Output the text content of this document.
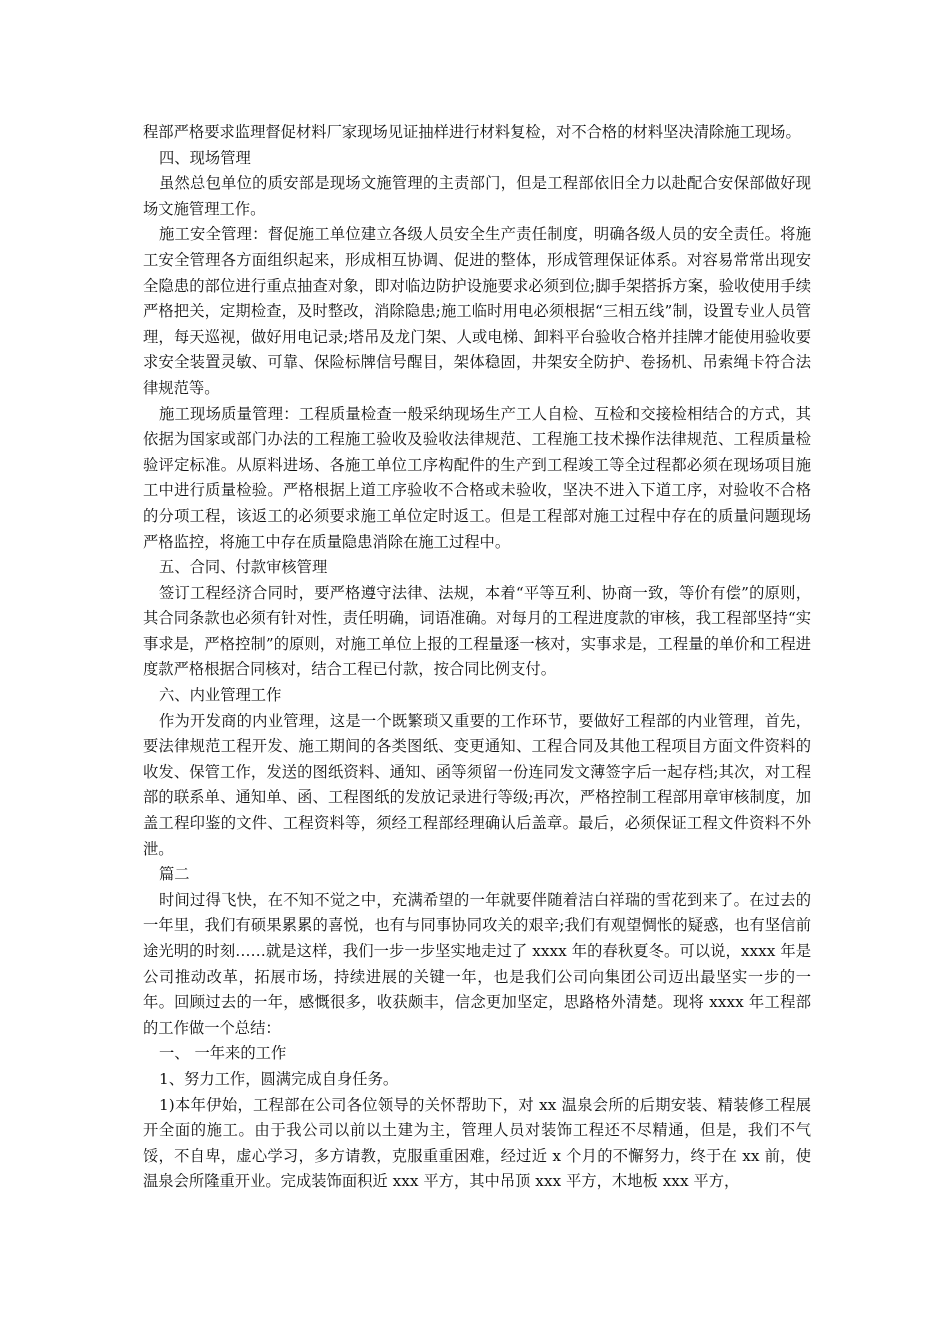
程部严格要求监理督促材料厂家现场见证抽样进行材料复检，对不合格的材料坚决清除施工现场。

四、现场管理

虽然总包单位的质安部是现场文施管理的主责部门，但是工程部依旧全力以赴配合安保部做好现场文施管理工作。

施工安全管理：督促施工单位建立各级人员安全生产责任制度，明确各级人员的安全责任。将施工安全管理各方面组织起来，形成相互协调、促进的整体，形成管理保证体系。对容易常常出现安全隐患的部位进行重点抽查对象，即对临边防护设施要求必须到位;脚手架搭拆方案，验收使用手续严格把关，定期检查，及时整改，消除隐患;施工临时用电必须根据“三相五线”制，设置专业人员管理，每天巡视，做好用电记录;塔吊及龙门架、人或电梯、卸料平台验收合格并挂牌才能使用验收要求安全装置灵敏、可靠、保险标牌信号醒目，架体稳固，井架安全防护、卷扬机、吊索绳卡符合法律规范等。

施工现场质量管理：工程质量检查一般采纳现场生产工人自检、互检和交接检相结合的方式，其依据为国家或部门办法的工程施工验收及验收法律规范、工程施工技术操作法律规范、工程质量检验评定标准。从原料进场、各施工单位工序构配件的生产到工程竣工等全过程都必须在现场项目施工中进行质量检验。严格根据上道工序验收不合格或未验收，坚决不进入下道工序，对验收不合格的分项工程，该返工的必须要求施工单位定时返工。但是工程部对施工过程中存在的质量问题现场严格监控，将施工中存在质量隐患消除在施工过程中。

五、合同、付款审核管理

签订工程经济合同时，要严格遵守法律、法规，本着“平等互利、协商一致，等价有偿”的原则，其合同条款也必须有针对性，责任明确，词语准确。对每月的工程进度款的审核，我工程部坚持“实事求是，严格控制”的原则，对施工单位上报的工程量逐一核对，实事求是，工程量的单价和工程进度款严格根据合同核对，结合工程已付款，按合同比例支付。

六、内业管理工作

作为开发商的内业管理，这是一个既繁琐又重要的工作环节，要做好工程部的内业管理，首先，要法律规范工程开发、施工期间的各类图纸、变更通知、工程合同及其他工程项目方面文件资料的收发、保管工作，发送的图纸资料、通知、函等须留一份连同发文薄签字后一起存档;其次，对工程部的联系单、通知单、函、工程图纸的发放记录进行等级;再次，严格控制工程部用章审核制度，加盖工程印鉴的文件、工程资料等，须经工程部经理确认后盖章。最后，必须保证工程文件资料不外泄。

篇二

时间过得飞快，在不知不觉之中，充满希望的一年就要伴随着洁白祥瑞的雪花到来了。在过去的一年里，我们有硕果累累的喜悦，也有与同事协同攻关的艰辛;我们有观望惆怅的疑惑，也有坚信前途光明的时刻……就是这样，我们一步一步坚实地走过了 xxxx 年的春秋夏冬。可以说，xxxx 年是公司推动改革，拓展市场，持续进展的关键一年，也是我们公司向集团公司迈出最坚实一步的一年。回顾过去的一年，感慨很多，收获颇丰，信念更加坚定，思路格外清楚。现将 xxxx 年工程部的工作做一个总结：

一、 一年来的工作

1、努力工作，圆满完成自身任务。

1)本年伊始，工程部在公司各位领导的关怀帮助下，对 xx 温泉会所的后期安装、精装修工程展开全面的施工。由于我公司以前以土建为主，管理人员对装饰工程还不尽精通，但是，我们不气馁，不自卑，虚心学习，多方请教，克服重重困难，经过近 x 个月的不懈努力，终于在 xx 前，使温泉会所隆重开业。完成装饰面积近 xxx 平方，其中吊顶 xxx 平方，木地板 xxx 平方，
